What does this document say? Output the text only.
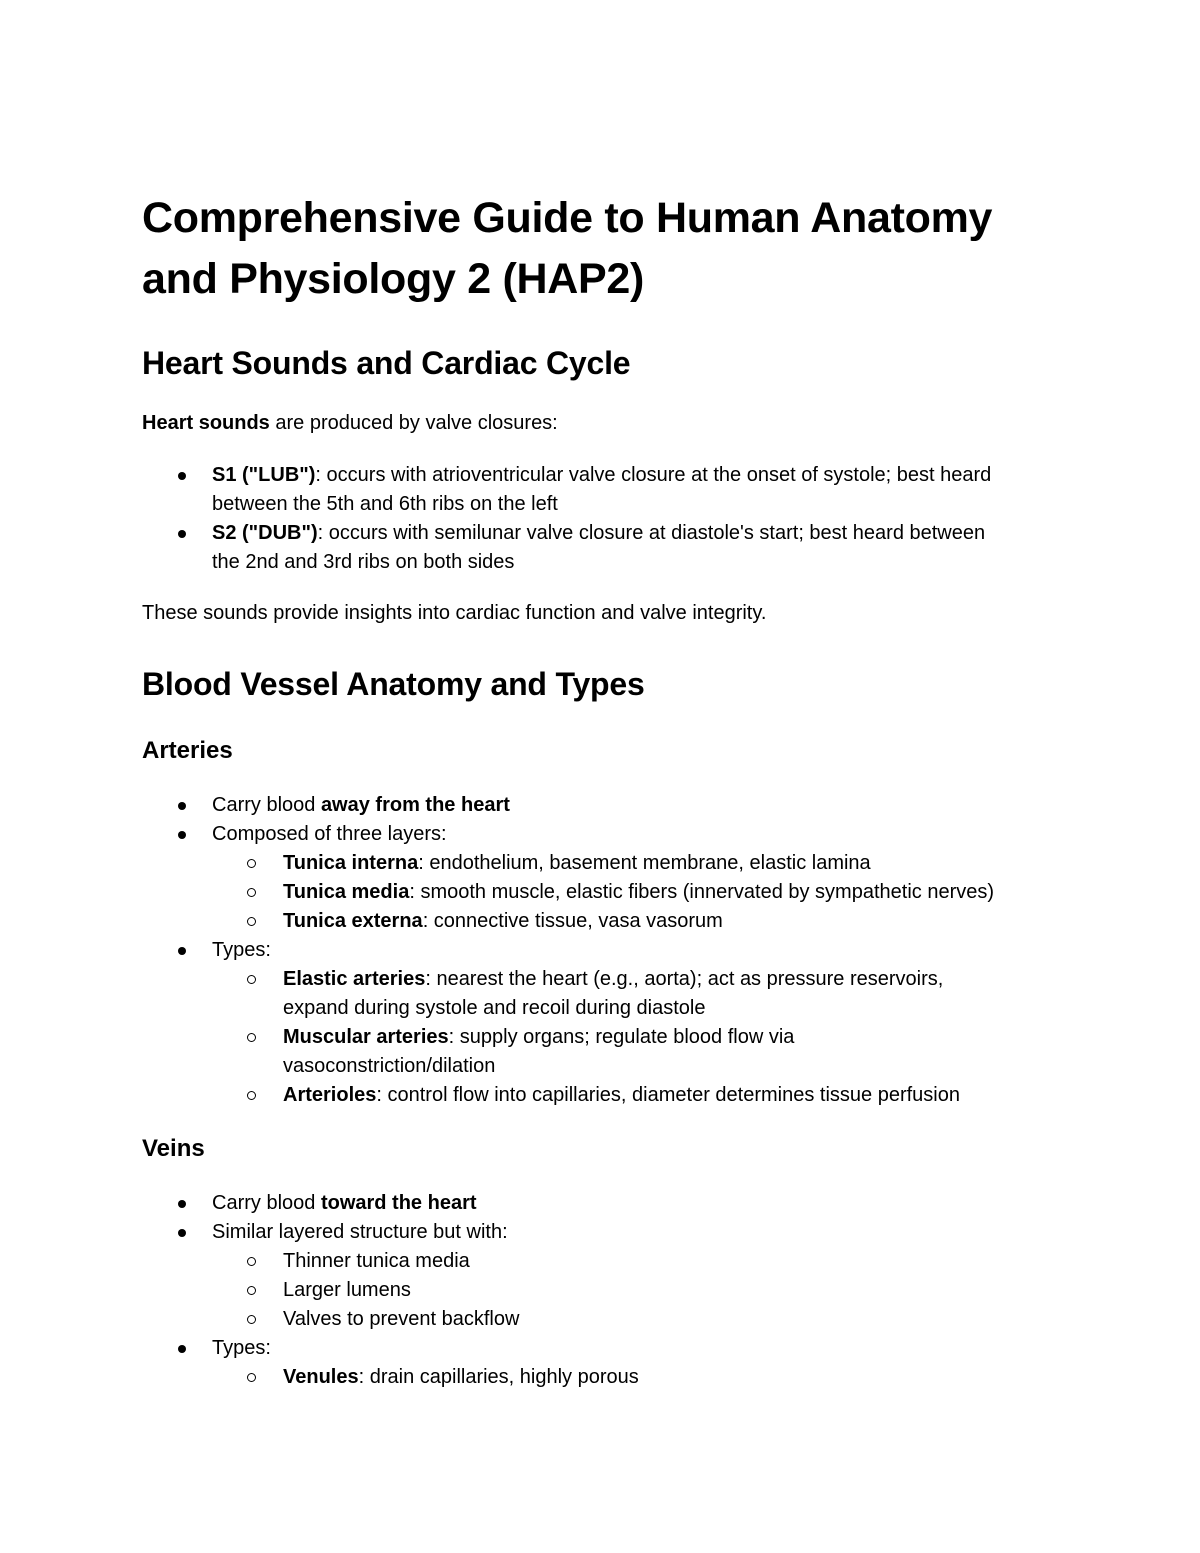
Comprehensive Guide to Human Anatomy and Physiology 2 (HAP2)
Heart Sounds and Cardiac Cycle

Heart sounds are produced by valve closures:

S1 ("LUB"): occurs with atrioventricular valve closure at the onset of systole; best heard
between the 5th and 6th ribs on the left
S2 ("DUB"): occurs with semilunar valve closure at diastole's start; best heard between
the 2nd and 3rd ribs on both sides

These sounds provide insights into cardiac function and valve integrity.

Blood Vessel Anatomy and Types
Arteries
Carry blood away from the heart
Composed of three layers:
Tunica interna: endothelium, basement membrane, elastic lamina
Tunica media: smooth muscle, elastic fibers (innervated by sympathetic nerves)
Tunica externa: connective tissue, vasa vasorum
Types:
Elastic arteries: nearest the heart (e.g., aorta); act as pressure reservoirs,
expand during systole and recoil during diastole
Muscular arteries: supply organs; regulate blood flow via
vasoconstriction/dilation
Arterioles: control flow into capillaries, diameter determines tissue perfusion
Veins
Carry blood toward the heart
Similar layered structure but with:
Thinner tunica media
Larger lumens
Valves to prevent backflow
Types:
Venules: drain capillaries, highly porous
